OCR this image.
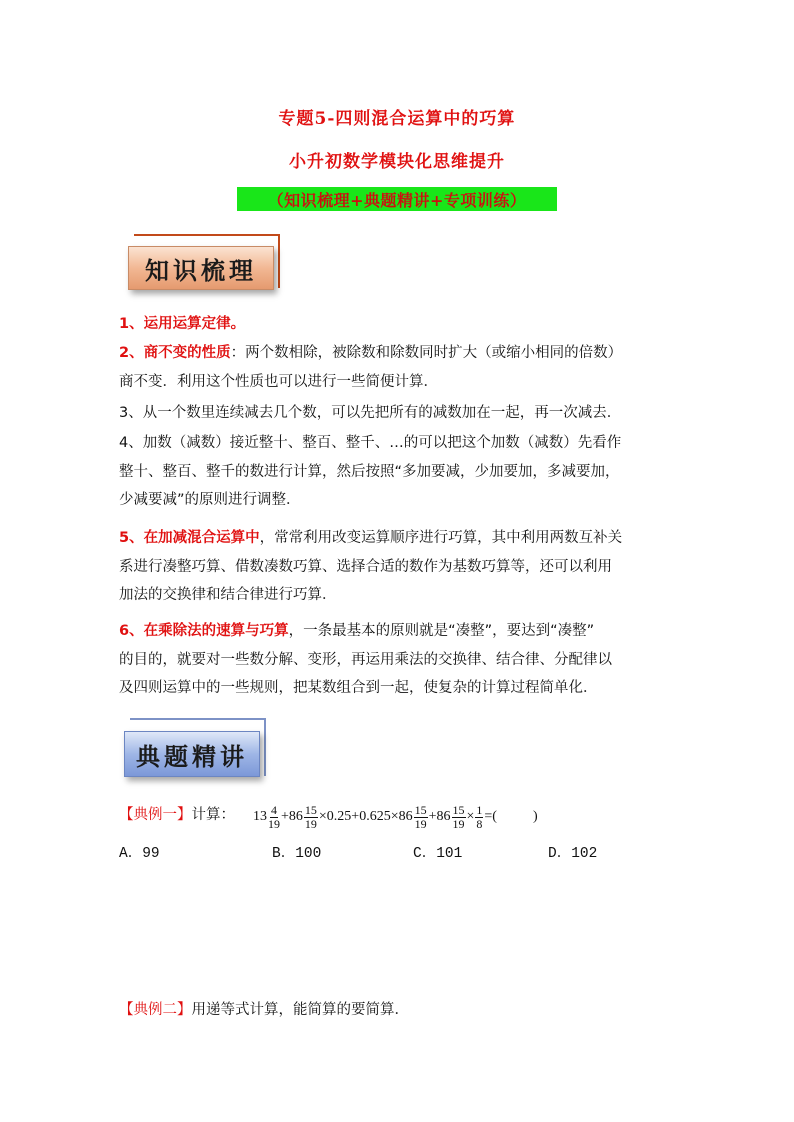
专题5-四则混合运算中的巧算
小升初数学模块化思维提升
（知识梳理+典题精讲+专项训练）
知识梳理
1、运用运算定律。
2、商不变的性质：两个数相除，被除数和除数同时扩大（或缩小相同的倍数）
商不变．利用这个性质也可以进行一些简便计算．
3、从一个数里连续减去几个数，可以先把所有的减数加在一起，再一次减去．
4、加数（减数）接近整十、整百、整千、…的可以把这个加数（减数）先看作
整十、整百、整千的数进行计算，然后按照“多加要减，少加要加，多减要加，
少减要减”的原则进行调整．
5、在加减混合运算中，常常利用改变运算顺序进行巧算，其中利用两数互补关
系进行凑整巧算、借数凑数巧算、选择合适的数作为基数巧算等，还可以利用
加法的交换律和结合律进行巧算．
6、在乘除法的速算与巧算，一条最基本的原则就是“凑整”，要达到“凑整”
的目的，就要对一些数分解、变形，再运用乘法的交换律、结合律、分配律以
及四则运算中的一些规则，把某数组合到一起，使复杂的计算过程简单化．
典题精讲
【典例一】计算：	$13 \frac{4}{19} + 86 \frac{15}{19} \times 0.25+0.625\times 86 \frac{15}{19} +86 \frac{15}{19} \times \frac{1}{8}$ =(	)
A．99	B．100	C．101	D．102
【典例二】用递等式计算，能简算的要简算．
